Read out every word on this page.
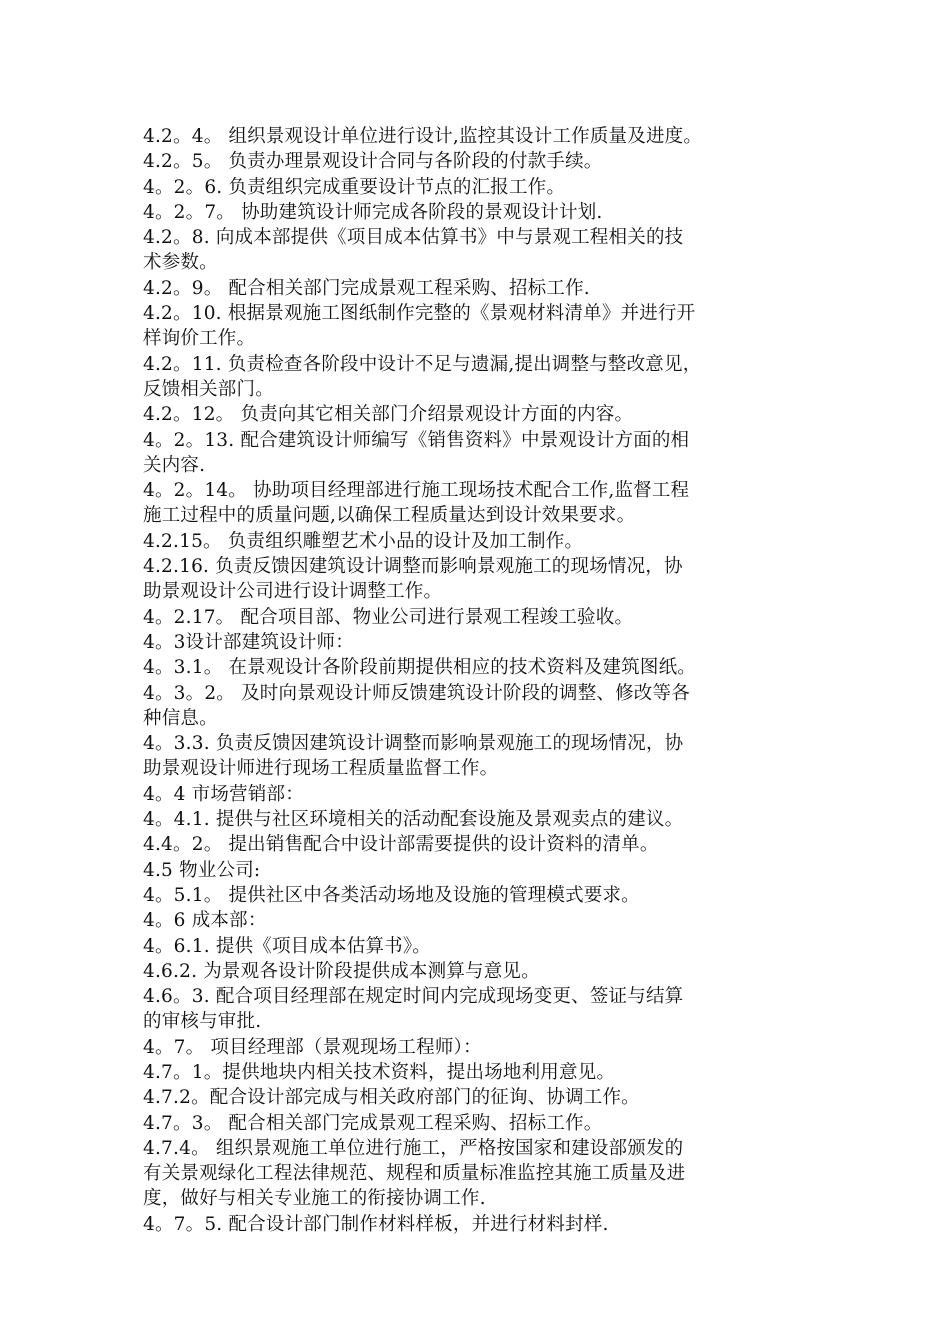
4.2。4。 组织景观设计单位进行设计,监控其设计工作质量及进度。
4.2。5。 负责办理景观设计合同与各阶段的付款手续。
4。2。6. 负责组织完成重要设计节点的汇报工作。
4。2。7。 协助建筑设计师完成各阶段的景观设计计划.
4.2。8. 向成本部提供《项目成本估算书》中与景观工程相关的技
术参数。
4.2。9。 配合相关部门完成景观工程采购、招标工作.
4.2。10. 根据景观施工图纸制作完整的《景观材料清单》并进行开
样询价工作。
4.2。11. 负责检查各阶段中设计不足与遗漏,提出调整与整改意见，
反馈相关部门。
4.2。12。 负责向其它相关部门介绍景观设计方面的内容。
4。2。13. 配合建筑设计师编写《销售资料》中景观设计方面的相
关内容.
4。2。14。 协助项目经理部进行施工现场技术配合工作,监督工程
施工过程中的质量问题,以确保工程质量达到设计效果要求。
4.2.15。 负责组织雕塑艺术小品的设计及加工制作。
4.2.16. 负责反馈因建筑设计调整而影响景观施工的现场情况，协
助景观设计公司进行设计调整工作。
4。2.17。 配合项目部、物业公司进行景观工程竣工验收。
4。3设计部建筑设计师：
4。3.1。 在景观设计各阶段前期提供相应的技术资料及建筑图纸。
4。3。2。 及时向景观设计师反馈建筑设计阶段的调整、修改等各
种信息。
4。3.3. 负责反馈因建筑设计调整而影响景观施工的现场情况，协
助景观设计师进行现场工程质量监督工作。
4。4 市场营销部：
4。4.1. 提供与社区环境相关的活动配套设施及景观卖点的建议。
4.4。2。 提出销售配合中设计部需要提供的设计资料的清单。
4.5 物业公司:
4。5.1。 提供社区中各类活动场地及设施的管理模式要求。
4。6 成本部：
4。6.1. 提供《项目成本估算书》。
4.6.2. 为景观各设计阶段提供成本测算与意见。
4.6。3. 配合项目经理部在规定时间内完成现场变更、签证与结算
的审核与审批.
4。7。 项目经理部（景观现场工程师）：
4.7。1。提供地块内相关技术资料，提出场地利用意见。
4.7.2。配合设计部完成与相关政府部门的征询、协调工作。
4.7。3。 配合相关部门完成景观工程采购、招标工作。
4.7.4。 组织景观施工单位进行施工，严格按国家和建设部颁发的
有关景观绿化工程法律规范、规程和质量标准监控其施工质量及进
度，做好与相关专业施工的衔接协调工作.
4。7。5. 配合设计部门制作材料样板，并进行材料封样.
